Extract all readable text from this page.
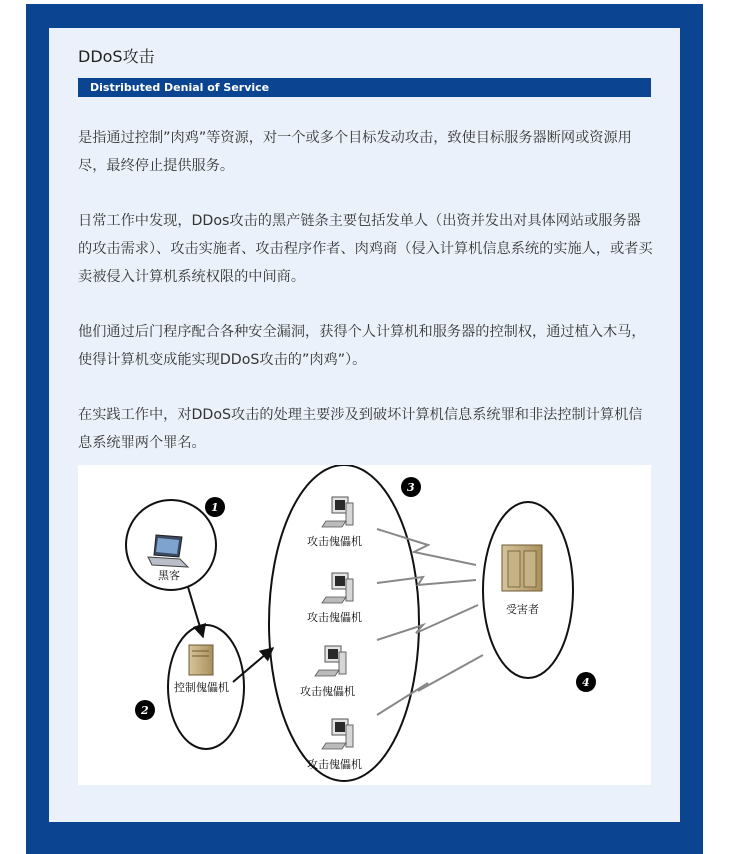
DDoS攻击
Distributed Denial of Service

是指通过控制”肉鸡”等资源，对一个或多个目标发动攻击，致使目标服务器断网或资源用尽，最终停止提供服务。

日常工作中发现，DDos攻击的黑产链条主要包括发单人（出资并发出对具体网站或服务器的攻击需求）、攻击实施者、攻击程序作者、肉鸡商（侵入计算机信息系统的实施人，或者买卖被侵入计算机系统权限的中间商。

他们通过后门程序配合各种安全漏洞，获得个人计算机和服务器的控制权，通过植入木马，使得计算机变成能实现DDoS攻击的”肉鸡”）。

在实践工作中，对DDoS攻击的处理主要涉及到破坏计算机信息系统罪和非法控制计算机信息系统罪两个罪名。

黑客
1
控制傀儡机
2
3
攻击傀儡机
攻击傀儡机
攻击傀儡机
攻击傀儡机
受害者
4
